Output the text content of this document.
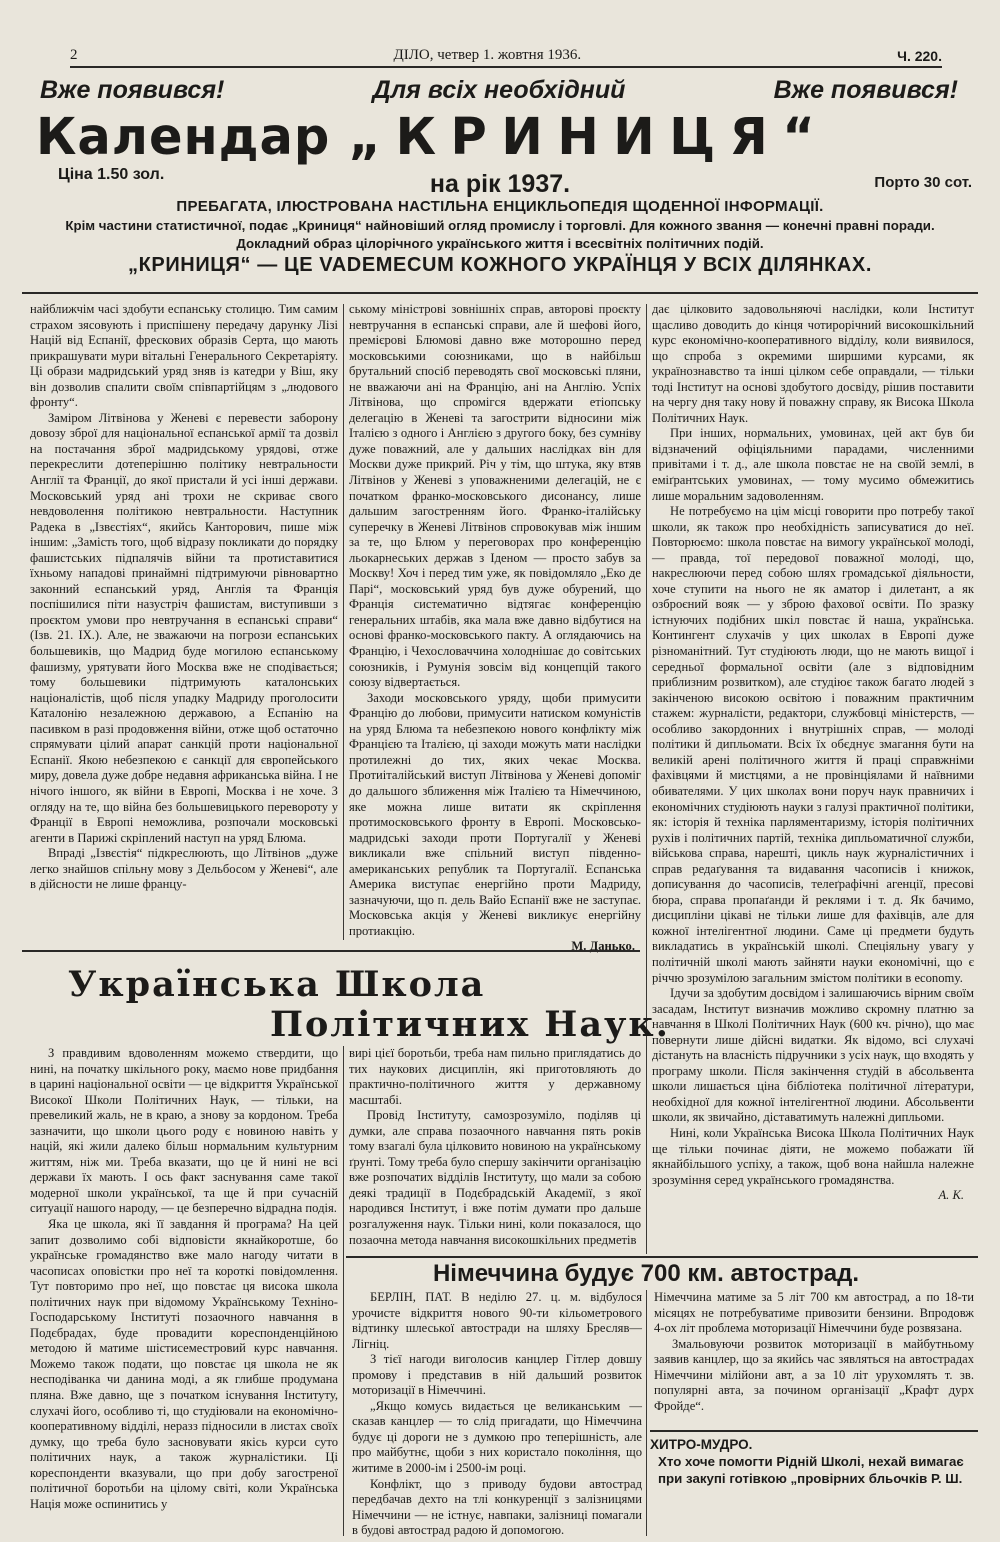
2	ДІЛО, четвер 1. жовтня 1936.	Ч. 220.
Вже появився!	Для всіх необхідний	Вже появився!
Календар „КРИНИЦЯ“
Ціна 1.50 зол.	на рік 1937.	Порто 30 сот.
ПРЕБАГАТА, ІЛЮСТРОВАНА НАСТІЛЬНА ЕНЦИКЛЬОПЕДІЯ ЩОДЕННОЇ ІНФОРМАЦІЇ.
Крім частини статистичної, подає „Криниця“ найновіший огляд промислу і торговлі. Для кожного звання — конечні правні поради.
Докладний образ цілорічного українського життя і всесвітніх політичних подій.
„КРИНИЦЯ“ — ЦЕ VADEMECUM КОЖНОГО УКРАЇНЦЯ У ВСІХ ДІЛЯНКАХ.

найближчім часі здобути еспанську столицю. Тим самим страхом зясовують і приспішену передачу дарунку Лізі Націй від Еспанії, фрескових образів Серта, що мають прикрашувати мури вітальні Генерального Секретаріяту. Ці образи мадридський уряд зняв із катедри у Віш, яку він дозволив спалити своїм співпартійцям з „людового фронту“.

Заміром Літвінова у Женеві є перевести заборону довозу зброї для національної еспанської армії та дозвіл на постачання зброї мадридському урядові, отже перекреслити дотеперішню політику невтральности Англії та Франції, до якої пристали й усі інші держави. Московський уряд ані трохи не скриває свого невдоволення політикою невтральности. Наступник Радека в „Ізвєстіях“, якийсь Канторович, пише між іншим: „Замість того, щоб відразу покликати до порядку фашистських підпалячів війни та протиставитися їхньому нападові принаймні підтримуючи рівновартно законний еспанський уряд, Англія та Франція поспішилися піти назустріч фашистам, виступивши з проєктом умови про невтручання в еспанські справи“ (Ізв. 21. IX.). Але, не зважаючи на погрози еспанських большевиків, що Мадрид буде могилою еспанському фашизму, урятувати його Москва вже не сподівається; тому большевики підтримують каталонських націоналістів, щоб після упадку Мадриду проголосити Каталонію незалежною державою, а Еспанію на пасивком в разі продовження війни, отже щоб остаточно спрямувати цілий апарат санкцій проти національної Еспанії. Якою небезпекою є санкції для європейського миру, довела дуже добре недавня африканська війна. І не нічого іншого, як війни в Европі, Москва і не хоче. З огляду на те, що війна без большевицького перевороту у Франції в Европі неможлива, розпочали московські агенти в Парижі скріплений наступ на уряд Блюма.

Впраді „Ізвєстія“ підкреслюють, що Літвінов „дуже легко знайшов спільну мову з Дельбосом у Женеві“, але в дійсности не лише францу-

ському міністрові зовнішніх справ, авторові проєкту невтручання в еспанські справи, але й шефові його, премієрові Блюмові давно вже моторошно перед московськими союзниками, що в найбільш брутальний спосіб переводять свої московські пляни, не вважаючи ані на Францію, ані на Англію. Успіх Літвінова, що спромігся вдержати етіопську делегацію в Женеві та загострити відносини між Італією з одного і Англією з другого боку, без сумніву дуже поважний, але у дальших наслідках він для Москви дуже прикрий. Річ у тім, що штука, яку втяв Літвінов у Женеві з уповажненими делегацій, не є початком франко-московського дисонансу, лише дальшим загостренням його. Франко-італійську суперечку в Женеві Літвінов спровокував між іншим за те, що Блюм у переговорах про конференцію льокарнеських держав з Іденом — просто забув за Москву! Хоч і перед тим уже, як повідомляло „Еко де Парі“, московський уряд був дуже обурений, що Франція систематично відтягає конференцію генеральних штабів, яка мала вже давно відбутися на основі франко-московського пакту. А оглядаючись на Францію, і Чехословаччина холоднішає до совітських союзників, і Румунія зовсім від концепцій такого союзу відвертається.

Заходи московського уряду, щоби примусити Францію до любови, примусити натиском комуністів на уряд Блюма та небезпекою нового конфлікту між Францією та Італією, ці заходи можуть мати наслідки протилежні до тих, яких чекає Москва. Протиіталійський виступ Літвінова у Женеві допоміг до дальшого зближення між Італією та Німеччиною, яке можна лише витати як скріплення протимосковського фронту в Европі. Московсько-мадридські заходи проти Португалії у Женеві викликали вже спільний виступ південно-американських републик та Португалії. Еспанська Америка виступає енергійно проти Мадриду, зазначуючи, що п. дель Вайо Еспанії вже не заступає. Московська акція у Женеві викликує енергійну протиакцію.

М. Данько.

Українська Школа
Політичних Наук.

дає цілковито задовольняючі наслідки, коли Інститут щасливо доводить до кінця чотирорічний високошкільний курс економічно-кооперативного відділу, коли виявилося, що спроба з окремими ширшими курсами, як українознавство та інші цілком себе оправдали, — тільки тоді Інститут на основі здобутого досвіду, рішив поставити на чергу дня таку нову й поважну справу, як Висока Школа Політичних Наук.

При інших, нормальних, умовинах, цей акт був би відзначений офіціяльними парадами, численними привітами і т. д., але школа повстає не на своїй землі, в еміґрантських умовинах, — тому мусимо обмежитись лише моральним задоволенням.

Не потребуємо на цім місці говорити про потребу такої школи, як також про необхідність записуватися до неї. Повторюємо: школа повстає на вимогу української молоді, — правда, тої передової поважної молоді, що, накреслюючи перед собою шлях громадської діяльности, хоче ступити на нього не як аматор і дилетант, а як озброєний вояк — у зброю фахової освіти. По зразку істнуючих подібних шкіл повстає й наша, українська. Контингент слухачів у цих школах в Европі дуже різноманітний. Тут студіюють люди, що не мають вищої і середньої формальної освіти (але з відповідним приблизним розвитком), але студіює також багато людей з закінченою високою освітою і поважним практичним стажем: журналісти, редактори, службовці міністерств, — особливо закордонних і внутрішніх справ, — молоді політики й дипльомати. Всіх їх обєднує змагання бути на великій арені політичного життя й праці справжніми фахівцями й мистцями, а не провінціялами й наївними обивателями. У цих школах вони поруч наук правничих і економічних студіюють науки з галузі практичної політики, як: історія й техніка парляментаризму, історія політичних рухів і політичних партій, техніка дипльоматичної служби, військова справа, нарешті, цикль наук журналістичних і справ редаґування та видавання часописів і книжок, дописування до часописів, телеґрафічні агенції, пресові бюра, справа пропаґанди й реклями і т. д. Як бачимо, дисципліни цікаві не тільки лише для фахівців, але для кожної інтелігентної людини. Самe ці предмети будуть викладатись в українській школі. Спеціяльну увагу у політичній школі мають зайняти науки економічні, що є річчю зрозумілою загальним змістом політики в economy.

Ідучи за здобутим досвідом і залишаючись вірним своїм засадам, Інститут визначив можливо скромну платню за навчання в Школі Політичних Наук (600 кч. річно), що має повернути лише дійсні видатки. Як відомо, всі слухачі дістануть на власність підручники з усіх наук, що входять у програму школи. Після закінчення студій в абсольвента школи лишається ціна бібліотека політичної літератури, необхідної для кожної інтелігентної людини. Абсольвенти школи, як звичайно, діставатимуть належні дипльоми.

Нині, коли Українська Висока Школа Політичних Наук ще тільки починає діяти, не можемо побажати їй якнайбільшого успіху, а також, щоб вона найшла належне зрозуміння серед українського громадянства.

А. К.

З правдивим вдоволенням можемо ствердити, що нині, на початку шкільного року, маємо нове придбання в царині національної освіти — це відкриття Української Високої Школи Політичних Наук, — тільки, на превеликий жаль, не в краю, а знову за кордоном. Треба зазначити, що школи цього роду є новиною навіть у націй, які жили далеко більш нормальним культурним життям, ніж ми. Треба вказати, що це й нині не всі держави їх мають. І ось факт заснування саме такої модерної школи української, та ще й при сучасній ситуації нашого народу, — це безперечно відрадна подія.

Яка це школа, які її завдання й програма? На цей запит дозволимо собі відповісти якнайкоротше, бо українське громадянство вже мало нагоду читати в часописах оповістки про неї та короткі повідомлення. Тут повторимо про неї, що повстає ця висока школа політичних наук при відомому Українському Техніно-Господарському Інституті позаочного навчання в Подєбрадах, буде провадити кореспонденційною методою й матиме шістисеместровий курс навчання. Можемо також подати, що повстає ця школа не як несподіванка чи данина моді, а як глибше продумана пляна. Вже давно, ще з початком існування Інституту, слухачі його, особливо ті, що студіювали на економічно-кооперативному відділі, неразз підносили в листах своїх думку, що треба було засновувати якісь курси суто політичних наук, а також журналістики. Ці кореспонденти вказували, що при добу загостреної політичної боротьби на цілому світі, коли Українська Нація може оспинитись у

вирі цієї боротьби, треба нам пильно приглядатись до тих наукових дисциплін, які приготовляють до практично-політичного життя у державному масштабі.

Провід Інституту, самозрозуміло, поділяв ці думки, але справа позаочного навчання пять років тому взагалі була цілковито новиною на українському ґрунті. Тому треба було спершу закінчити організацію вже розпочатих відділів Інституту, що мали за собою деякі традиції в Подєбрадській Академії, з якої народився Інститут, і вже потім думати про дальше розгалуження наук. Тільки нині, коли показалося, що позаочна метода навчання високошкільних предметів

Німеччина будує 700 км. автострад.

БЕРЛІН, ПАТ. В неділю 27. ц. м. відбулося урочисте відкриття нового 90-ти кільометрового відтинку шлеської автостради на шляху Бресляв—Лігніц.

З тієї нагоди виголосив канцлер Гітлер довшу промову і представив в ній дальший розвиток моторизації в Німеччині.

„Якщо комусь видається це великанським — сказав канцлер — то слід пригадати, що Німеччина будує ці дороги не з думкою про теперішність, але про майбутнє, щоби з них користало покоління, що житиме в 2000-ім і 2500-ім році.

Конфлікт, що з приводу будови автострад передбачав дехто на тлі конкуренції з залізницями Німеччини — не істнує, навпаки, залізниці помагали в будові автострад радою й допомогою.

Німеччина матиме за 5 літ 700 км автострад, а по 18-ти місяцях не потребуватиме привозити бензини. Впродовж 4-ох літ проблема моторизації Німеччини буде розвязана.

Змальовуючи розвиток моторизації в майбутньому заявив канцлер, що за якийсь час зявляться на автострадах Німеччини мілійони авт, а за 10 літ урухомлять т. зв. популярні авта, за почином організації „Крафт дурх Фройде“.

ХИТРО-МУДРО.
Хто хоче помогти Рідній Школі, нехай вимагає при закупі готівкою „провірних бльочків Р. Ш.
